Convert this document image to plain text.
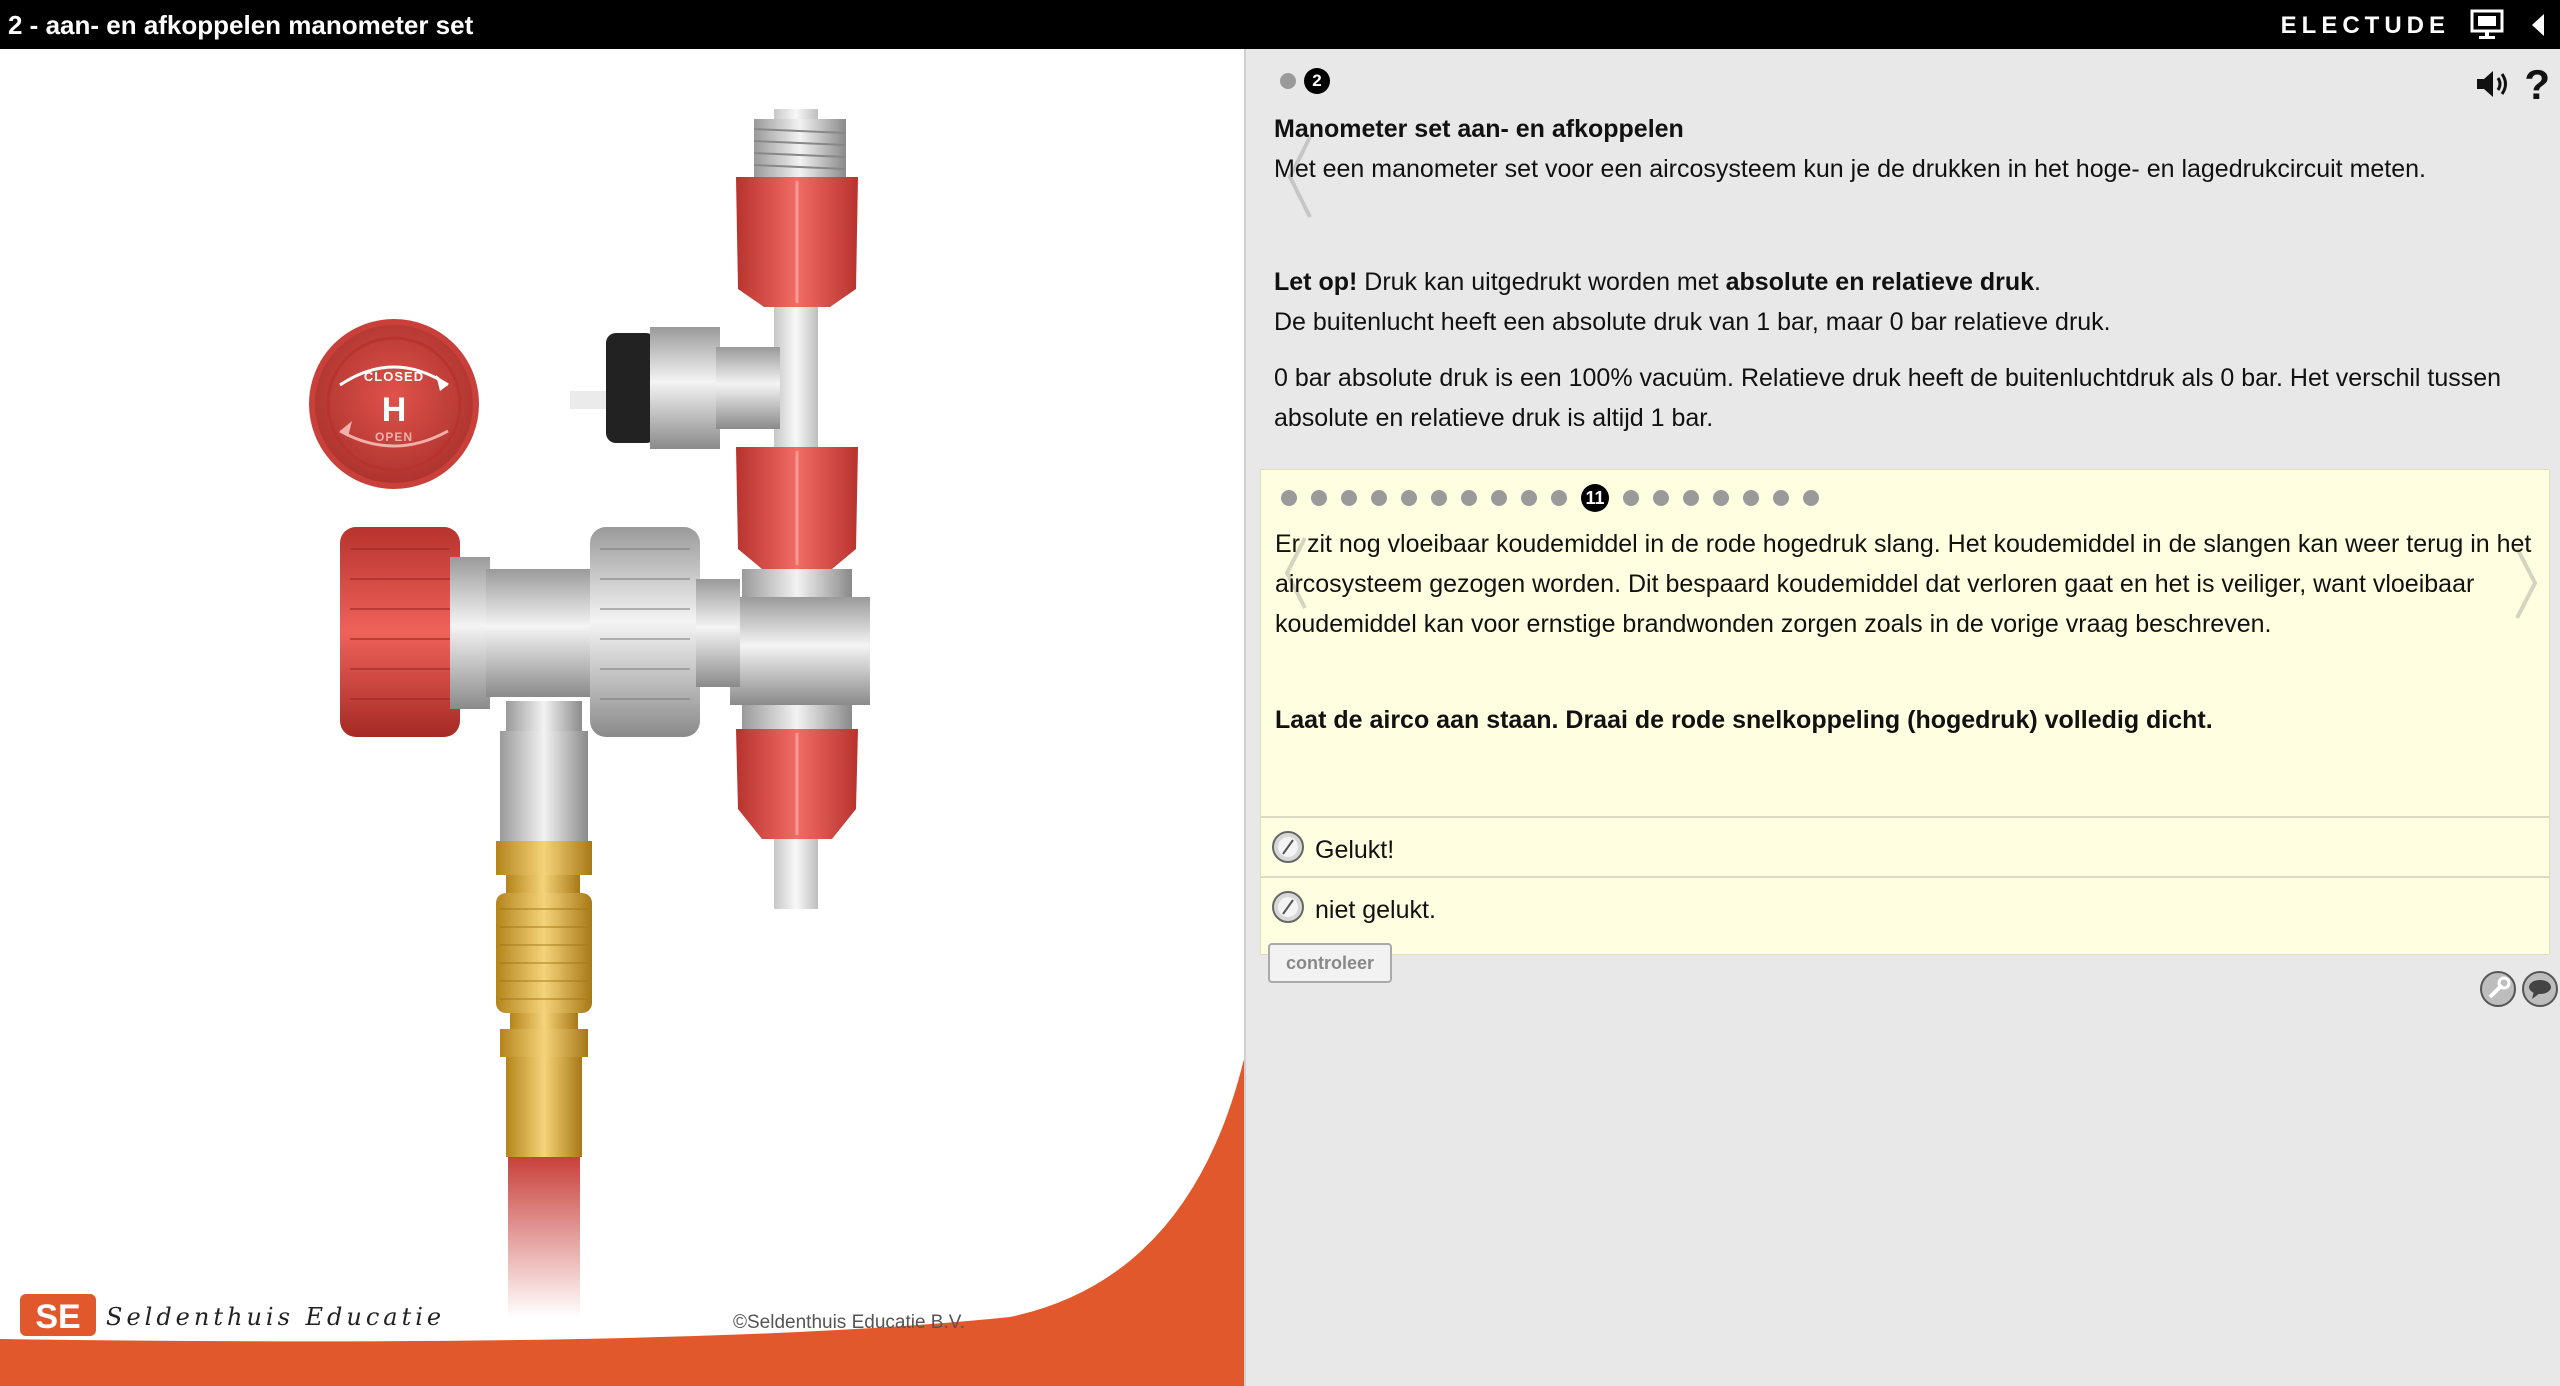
2 - aan- en afkoppelen manometer set	ELECTUDE
CLOSED
H
OPEN
SE Seldenthuis Educatie	©Seldenthuis Educatie B.V.
2	?

Manometer set aan- en afkoppelen

Met een manometer set voor een aircosysteem kun je de drukken in het hoge- en lagedrukcircuit meten.

Let op! Druk kan uitgedrukt worden met absolute en relatieve druk.

De buitenlucht heeft een absolute druk van 1 bar, maar 0 bar relatieve druk.

0 bar absolute druk is een 100% vacuüm. Relatieve druk heeft de buitenluchtdruk als 0 bar. Het verschil tussen absolute en relatieve druk is altijd 1 bar.

11

Er zit nog vloeibaar koudemiddel in de rode hogedruk slang. Het koudemiddel in de slangen kan weer terug in het aircosysteem gezogen worden. Dit bespaard koudemiddel dat verloren gaat en het is veiliger, want vloeibaar koudemiddel kan voor ernstige brandwonden zorgen zoals in de vorige vraag beschreven.

Laat de airco aan staan. Draai de rode snelkoppeling (hogedruk) volledig dicht.

Gelukt!
niet gelukt.
controleer
